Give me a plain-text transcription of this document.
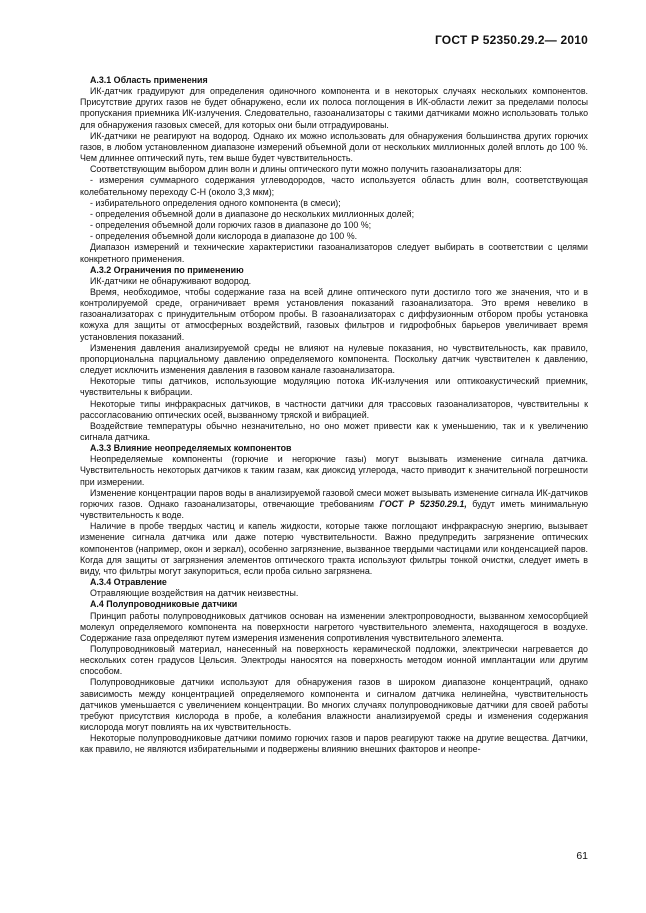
ГОСТ Р 52350.29.2— 2010

А.3.1 Область применения

ИК-датчик градуируют для определения одиночного компонента и в некоторых случаях нескольких компонентов. Присутствие других газов не будет обнаружено, если их полоса поглощения в ИК-области лежит за пределами полосы пропускания приемника ИК-излучения. Следовательно, газоанализаторы с такими датчиками можно использовать только для обнаружения газовых смесей, для которых они были отградуированы.

ИК-датчики не реагируют на водород. Однако их можно использовать для обнаружения большинства других горючих газов, в любом установленном диапазоне измерений объемной доли от нескольких миллионных долей вплоть до 100 %. Чем длиннее оптический путь, тем выше будет чувствительность.

Соответствующим выбором длин волн и длины оптического пути можно получить газоанализаторы для:

- измерения суммарного содержания углеводородов, часто используется область длин волн, соответствующая колебательному переходу С-Н (около 3,3 мкм);

- избирательного определения одного компонента (в смеси);

- определения объемной доли в диапазоне до нескольких миллионных долей;

- определения объемной доли горючих газов в диапазоне до 100 %;

- определения объемной доли кислорода в диапазоне до 100 %.

Диапазон измерений и технические характеристики газоанализаторов следует выбирать в соответствии с целями конкретного применения.

А.3.2 Ограничения по применению

ИК-датчики не обнаруживают водород.

Время, необходимое, чтобы содержание газа на всей длине оптического пути достигло того же значения, что и в контролируемой среде, ограничивает время установления показаний газоанализатора. Это время невелико в газоанализаторах с принудительным отбором пробы. В газоанализаторах с диффузионным отбором пробы установка кожуха для защиты от атмосферных воздействий, газовых фильтров и гидрофобных барьеров увеличивает время установления показаний.

Изменения давления анализируемой среды не влияют на нулевые показания, но чувствительность, как правило, пропорциональна парциальному давлению определяемого компонента. Поскольку датчик чувствителен к давлению, следует исключить изменения давления в газовом канале газоанализатора.

Некоторые типы датчиков, использующие модуляцию потока ИК-излучения или оптикоакустический приемник, чувствительны к вибрации.

Некоторые типы инфракрасных датчиков, в частности датчики для трассовых газоанализаторов, чувствительны к рассогласованию оптических осей, вызванному тряской и вибрацией.

Воздействие температуры обычно незначительно, но оно может привести как к уменьшению, так и к увеличению сигнала датчика.

А.3.3 Влияние неопределяемых компонентов

Неопределяемые компоненты (горючие и негорючие газы) могут вызывать изменение сигнала датчика. Чувствительность некоторых датчиков к таким газам, как диоксид углерода, часто приводит к значительной погрешности при измерении.

Изменение концентрации паров воды в анализируемой газовой смеси может вызывать изменение сигнала ИК-датчиков горючих газов. Однако газоанализаторы, отвечающие требованиям ГОСТ Р 52350.29.1, будут иметь минимальную чувствительность к воде.

Наличие в пробе твердых частиц и капель жидкости, которые также поглощают инфракрасную энергию, вызывает изменение сигнала датчика или даже потерю чувствительности. Важно предупредить загрязнение оптических компонентов (например, окон и зеркал), особенно загрязнение, вызванное твердыми частицами или конденсацией паров. Когда для защиты от загрязнения элементов оптического тракта используют фильтры тонкой очистки, следует иметь в виду, что фильтры могут закупориться, если проба сильно загрязнена.

А.3.4 Отравление

Отравляющие воздействия на датчик неизвестны.

А.4 Полупроводниковые датчики

Принцип работы полупроводниковых датчиков основан на изменении электропроводности, вызванном хемосорбцией молекул определяемого компонента на поверхности нагретого чувствительного элемента, находящегося в воздухе. Содержание газа определяют путем измерения изменения сопротивления чувствительного элемента.

Полупроводниковый материал, нанесенный на поверхность керамической подложки, электрически нагревается до нескольких сотен градусов Цельсия. Электроды наносятся на поверхность методом ионной имплантации или другим способом.

Полупроводниковые датчики используют для обнаружения газов в широком диапазоне концентраций, однако зависимость между концентрацией определяемого компонента и сигналом датчика нелинейна, чувствительность датчиков уменьшается с увеличением концентрации. Во многих случаях полупроводниковые датчики для своей работы требуют присутствия кислорода в пробе, а колебания влажности анализируемой среды и изменения содержания кислорода могут повлиять на их чувствительность.

Некоторые полупроводниковые датчики помимо горючих газов и паров реагируют также на другие вещества. Датчики, как правило, не являются избирательными и подвержены влиянию внешних факторов и неопре-

61
